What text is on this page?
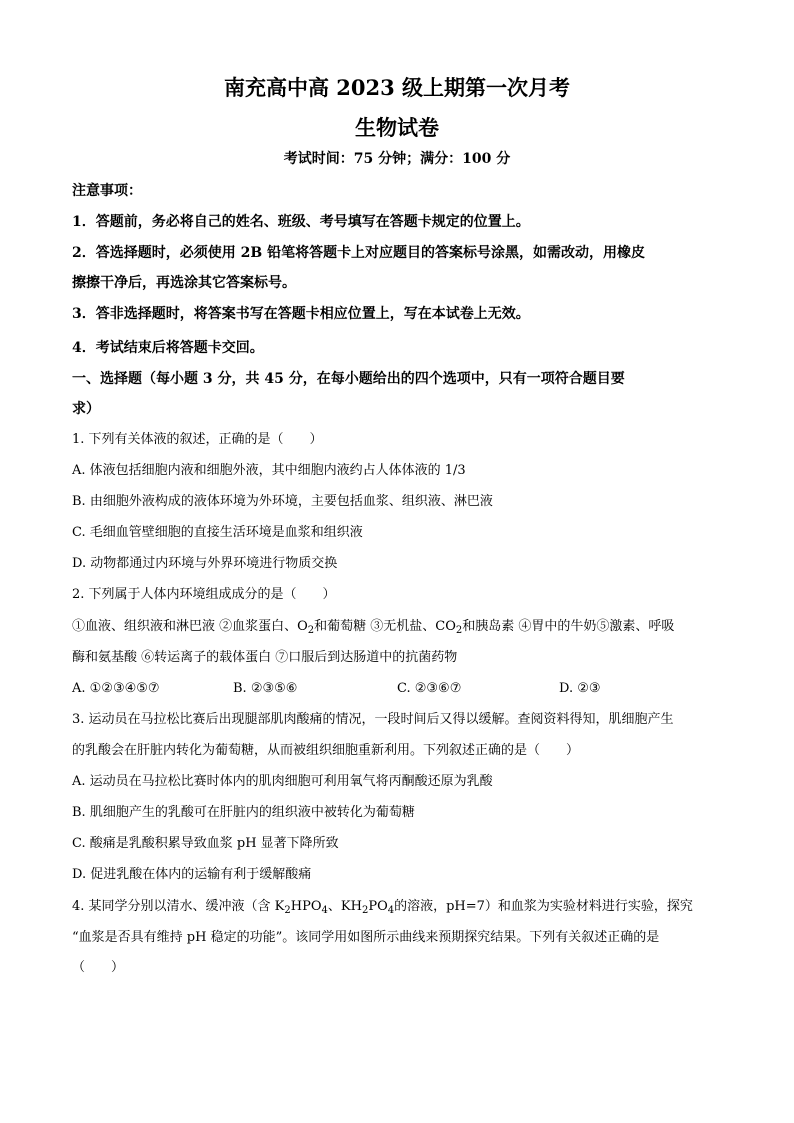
南充高中高 2023 级上期第一次月考
生物试卷
考试时间：75 分钟；满分：100 分
注意事项：
1．答题前，务必将自己的姓名、班级、考号填写在答题卡规定的位置上。
2．答选择题时，必须使用 2B 铅笔将答题卡上对应题目的答案标号涂黑，如需改动，用橡皮
擦擦干净后，再选涂其它答案标号。
3．答非选择题时，将答案书写在答题卡相应位置上，写在本试卷上无效。
4．考试结束后将答题卡交回。
一、选择题（每小题 3 分，共 45 分，在每小题给出的四个选项中，只有一项符合题目要
求）
1. 下列有关体液的叙述，正确的是（　　）
A. 体液包括细胞内液和细胞外液，其中细胞内液约占人体体液的 1/3
B. 由细胞外液构成的液体环境为外环境，主要包括血浆、组织液、淋巴液
C. 毛细血管壁细胞的直接生活环境是血浆和组织液
D. 动物都通过内环境与外界环境进行物质交换
2. 下列属于人体内环境组成成分的是（　　）
①血液、组织液和淋巴液 ②血浆蛋白、$O_2$和葡萄糖 ③无机盐、$CO_2$和胰岛素 ④胃中的牛奶⑤激素、呼吸
酶和氨基酸 ⑥转运离子的载体蛋白 ⑦口服后到达肠道中的抗菌药物
A. ①②③④⑤⑦	B. ②③⑤⑥	C. ②③⑥⑦	D. ②③
3. 运动员在马拉松比赛后出现腿部肌肉酸痛的情况，一段时间后又得以缓解。查阅资料得知，肌细胞产生
的乳酸会在肝脏内转化为葡萄糖，从而被组织细胞重新利用。下列叙述正确的是（　　）
A. 运动员在马拉松比赛时体内的肌肉细胞可利用氧气将丙酮酸还原为乳酸
B. 肌细胞产生的乳酸可在肝脏内的组织液中被转化为葡萄糖
C. 酸痛是乳酸积累导致血浆 pH 显著下降所致
D. 促进乳酸在体内的运输有利于缓解酸痛
4. 某同学分别以清水、缓冲液（含 $K_2HPO_4$、$KH_2PO_4$的溶液，pH=7）和血浆为实验材料进行实验，探究
“血浆是否具有维持 pH 稳定的功能”。该同学用如图所示曲线来预期探究结果。下列有关叙述正确的是
（　　）
